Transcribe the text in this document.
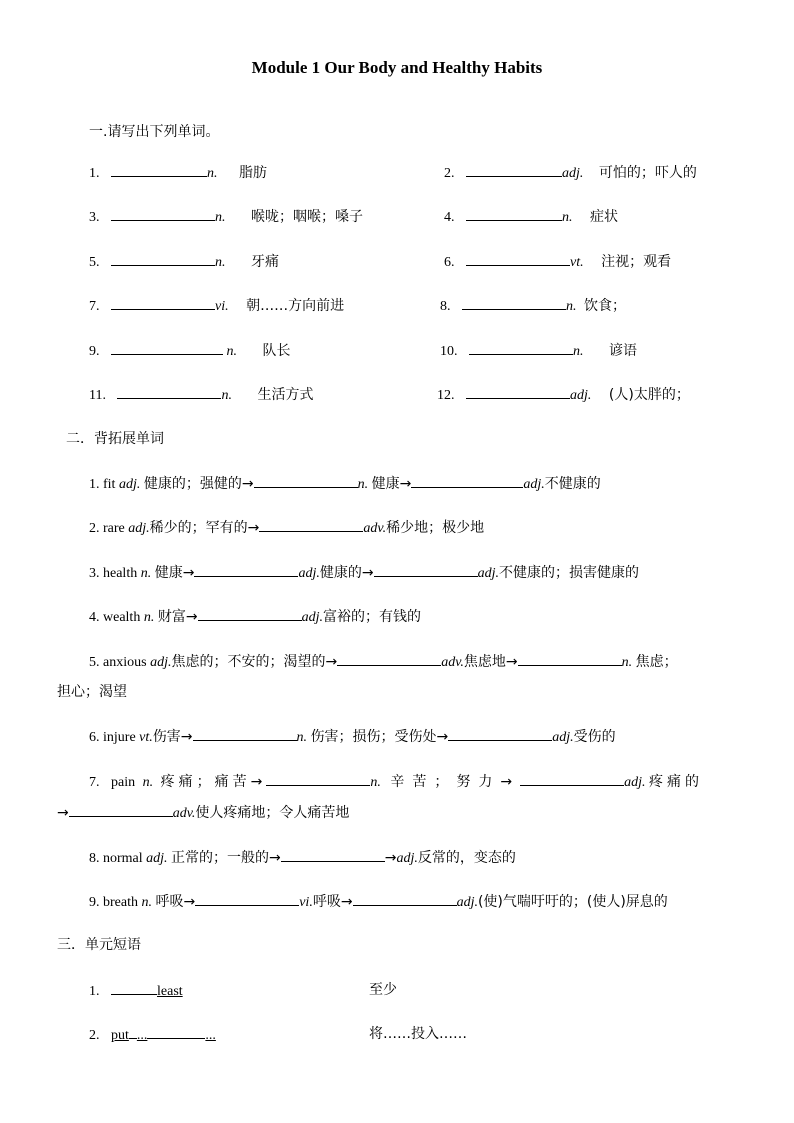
Module 1 Our Body and Healthy Habits
一.请写出下列单词。
1.	n. 脂肪	2.	adj. 可怕的；吓人的
3.	n. 喉咙；咽喉；嗓子	4.	n. 症状
5.	n. 牙痛	6.	vt. 注视；观看
7.	vi. 朝……方向前进	8.	n. 饮食；
9.	n. 队长	10.	n. 谚语
11.	n. 生活方式	12.	adj. (人)太胖的；
二．背拓展单词
1. fit adj. 健康的；强健的→	n. 健康→	adj.不健康的
2. rare adj.稀少的；罕有的→	adv.稀少地；极少地
3. health n. 健康→	adj.健康的→	adj.不健康的；损害健康的
4. wealth n. 财富→	adj.富裕的；有钱的
5. anxious adj.焦虑的；不安的；渴望的→	adv.焦虑地→	n. 焦虑；
担心；渴望
6. injure vt.伤害→	n. 伤害；损伤；受伤处→	adj.受伤的
7. pain n. 疼痛；痛苦→	n. 辛苦；努力→	adj. 疼痛的
→	adv.使人疼痛地；令人痛苦地
8. normal adj. 正常的；一般的→	→adj.反常的，变态的
9. breath n. 呼吸→	vi.呼吸→	adj.(使)气喘吁吁的；(使人)屏息的
三．单元短语
1.	least	至少
2. put ...	...	将……投入……
